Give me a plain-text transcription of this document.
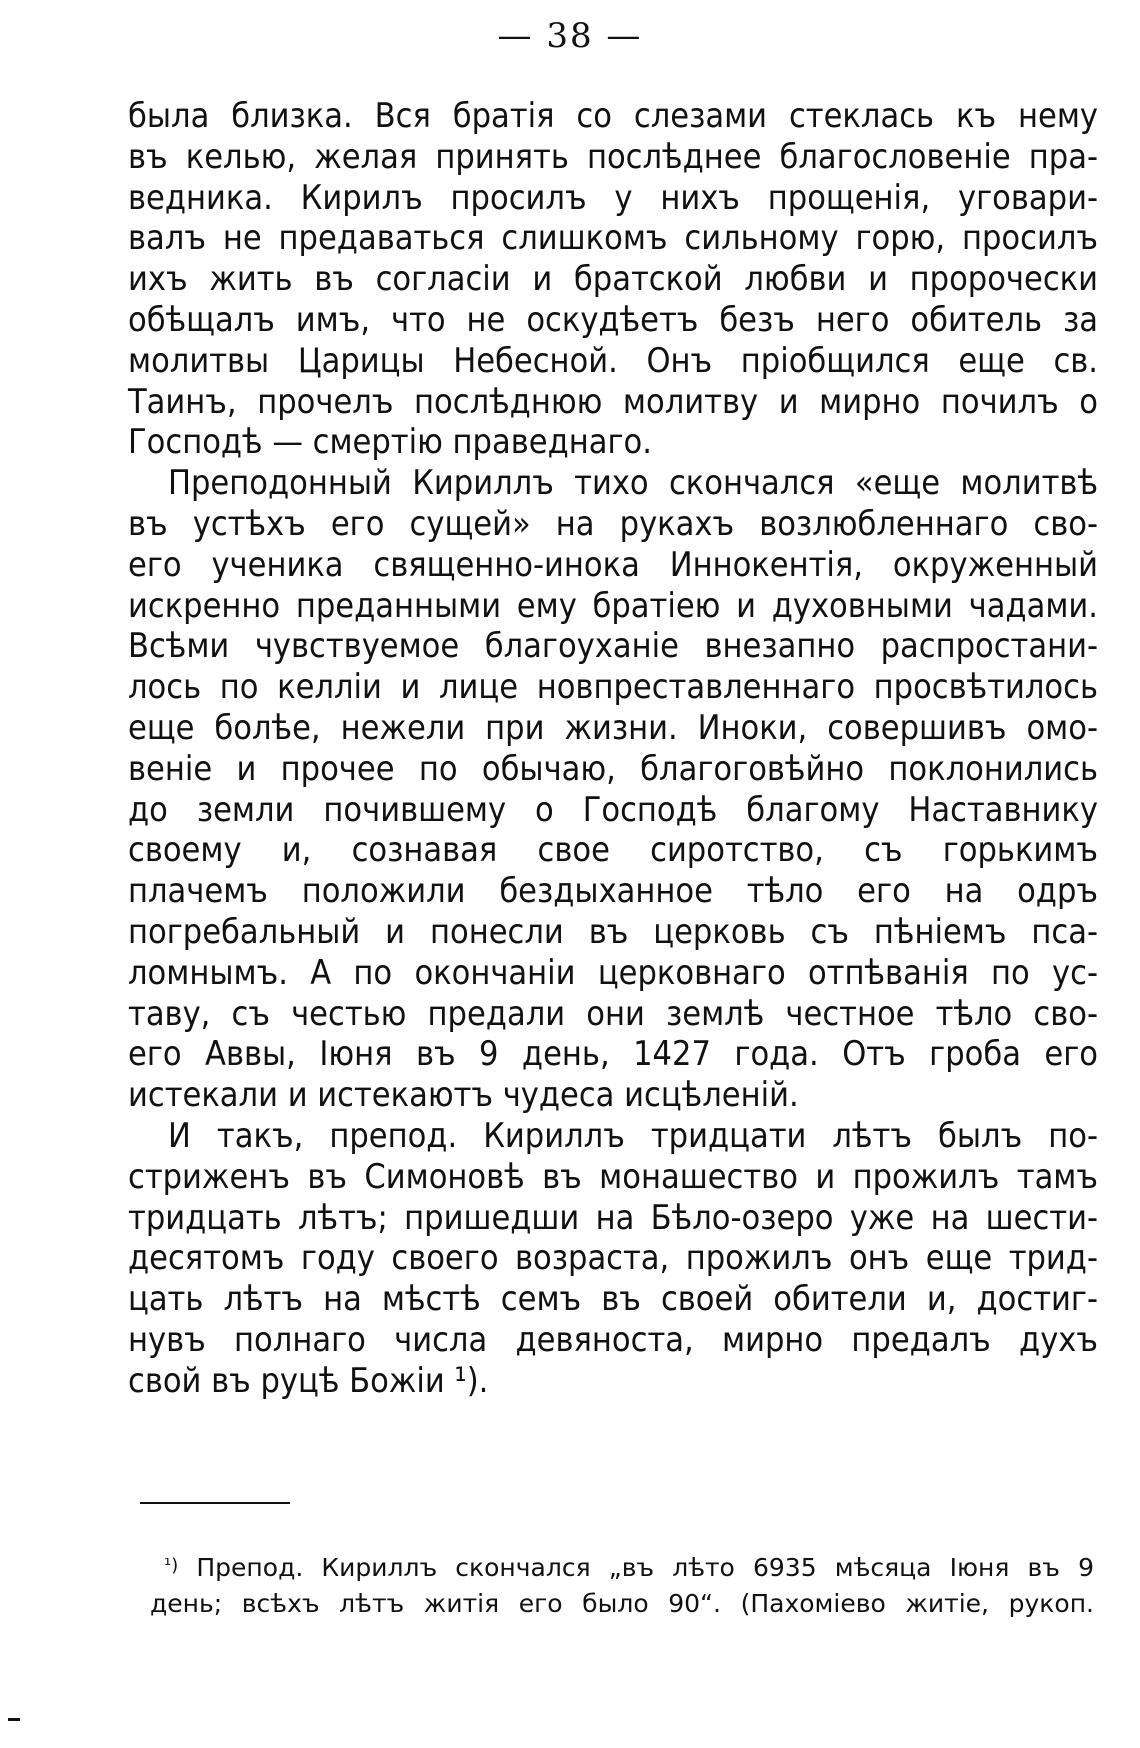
— 38 —
была близка. Вся братія со слезами стеклась къ нему
въ келью, желая принять послѣднее благословеніе пра-
ведника. Кирилъ просилъ у нихъ прощенія, уговари-
валъ не предаваться слишкомъ сильному горю, просилъ
ихъ жить въ согласіи и братской любви и пророчески
обѣщалъ имъ, что не оскудѣетъ безъ него обитель за
молитвы Царицы Небесной. Онъ пріобщился еще св.
Таинъ, прочелъ послѣднюю молитву и мирно почилъ о
Господѣ — смертію праведнаго.
Преподонный Кириллъ тихо скончался «еще молитвѣ
въ устѣхъ его сущей» на рукахъ возлюбленнаго сво-
его ученика священно-инока Иннокентія, окруженный
искренно преданными ему братіею и духовными чадами.
Всѣми чувствуемое благоуханіе внезапно распростани-
лось по келліи и лице новпреставленнаго просвѣтилось
еще болѣе, нежели при жизни. Иноки, совершивъ омо-
веніе и прочее по обычаю, благоговѣйно поклонились
до земли почившему о Господѣ благому Наставнику
своему и, сознавая свое сиротство, съ горькимъ
плачемъ положили бездыханное тѣло его на одръ
погребальный и понесли въ церковь съ пѣніемъ псa-
ломнымъ. А по окончаніи церковнаго отпѣванія по ус-
таву, съ честью предали они землѣ честное тѣло сво-
его Аввы, Іюня въ 9 день, 1427 года. Отъ гроба его
истекали и истекаютъ чудеса исцѣленій.
И такъ, препод. Кириллъ тридцати лѣтъ былъ по-
стриженъ въ Симоновѣ въ монашество и прожилъ тамъ
тридцать лѣтъ; пришедши на Бѣло-озеро уже на шести-
десятомъ году своего возраста, прожилъ онъ еще трид-
цать лѣтъ на мѣстѣ семъ въ своей обители и, достиг-
нувъ полнаго числа девяноста, мирно предалъ духъ
свой въ руцѣ Божіи ¹).
$^{^1)}$ Препод. Кириллъ скончался „въ лѣто 6935 мѣсяца Іюня въ 9
день; всѣхъ лѣтъ житія его было 90“. (Пахоміево житіе, рукоп.
